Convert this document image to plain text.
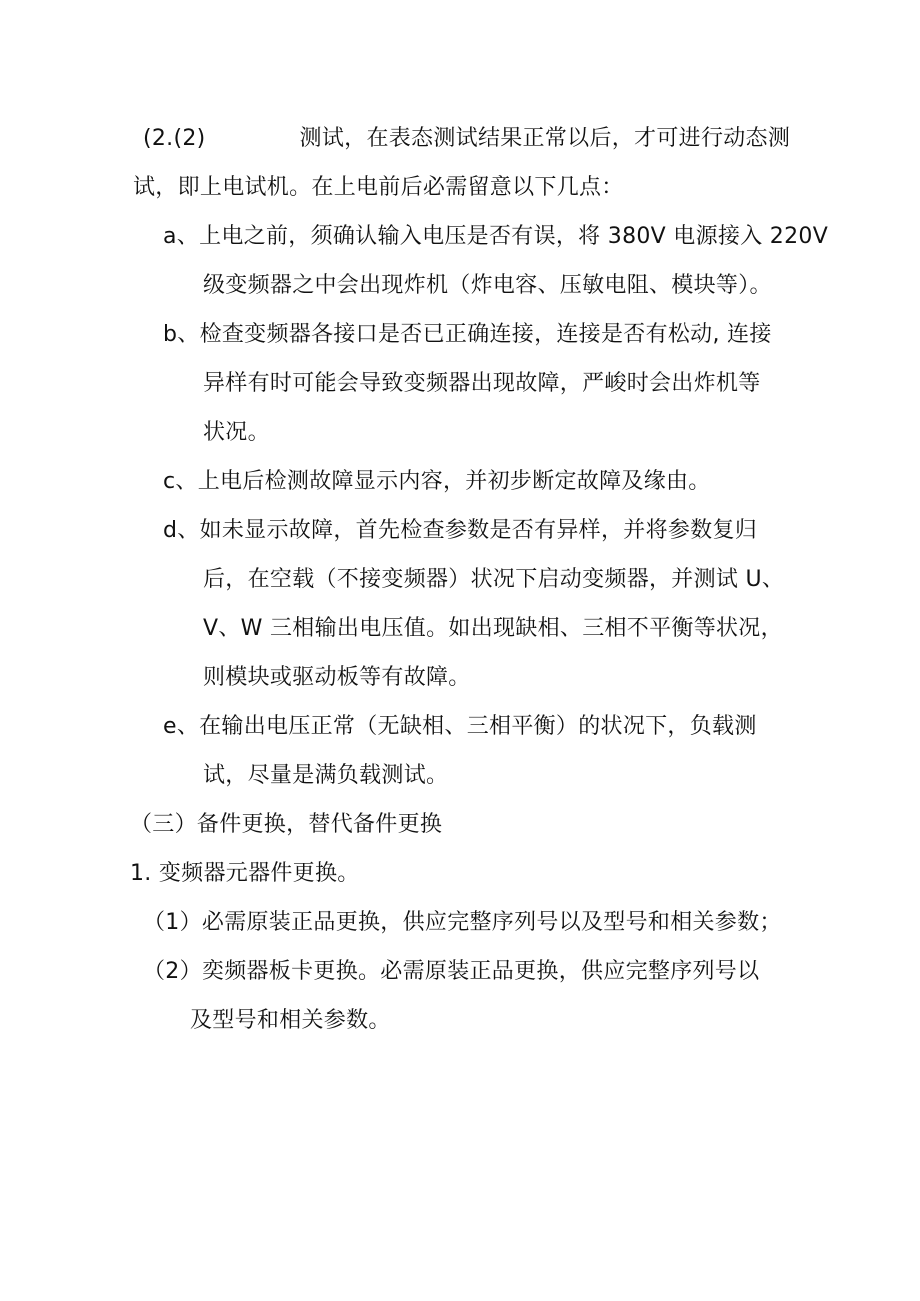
(2.(2)	测试，在表态测试结果正常以后，才可进行动态测
试，即上电试机。在上电前后必需留意以下几点：
a、上电之前，须确认输入电压是否有误，将 380V 电源接入 220V
级变频器之中会出现炸机（炸电容、压敏电阻、模块等）。
b、检查变频器各接口是否已正确连接，连接是否有松动, 连接
异样有时可能会导致变频器出现故障，严峻时会出炸机等
状况。
c、上电后检测故障显示内容，并初步断定故障及缘由。
d、如未显示故障，首先检查参数是否有异样，并将参数复归
后，在空载（不接变频器）状况下启动变频器，并测试 U、
V、W 三相输出电压值。如出现缺相、三相不平衡等状况，
则模块或驱动板等有故障。
e、在输出电压正常（无缺相、三相平衡）的状况下，负载测
试，尽量是满负载测试。
（三）备件更换，替代备件更换
1. 变频器元器件更换。
（1）必需原装正品更换，供应完整序列号以及型号和相关参数；
（2）奕频器板卡更换。必需原装正品更换，供应完整序列号以
及型号和相关参数。
